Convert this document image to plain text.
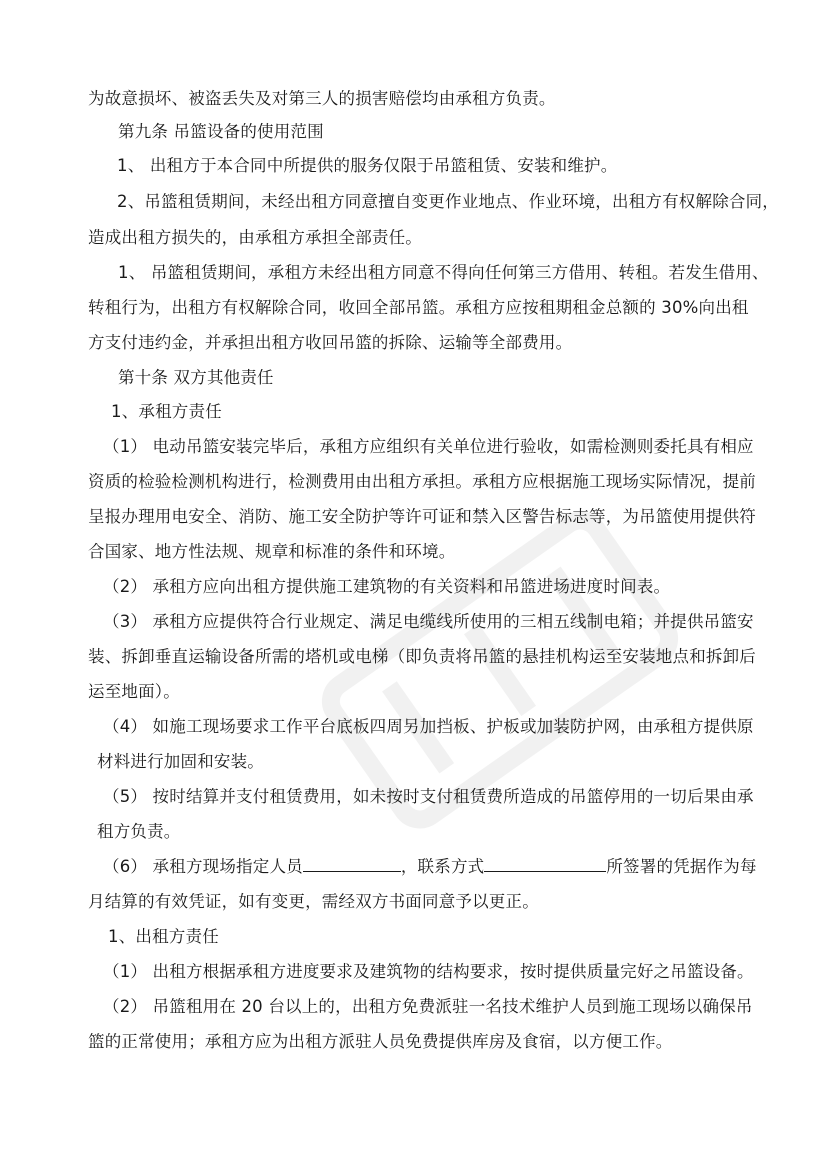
为故意损坏、被盗丢失及对第三人的损害赔偿均由承租方负责。
第九条 吊篮设备的使用范围
1、 出租方于本合同中所提供的服务仅限于吊篮租赁、安装和维护。
2、吊篮租赁期间，未经出租方同意擅自变更作业地点、作业环境，出租方有权解除合同，
造成出租方损失的，由承租方承担全部责任。
1、 吊篮租赁期间，承租方未经出租方同意不得向任何第三方借用、转租。若发生借用、
转租行为，出租方有权解除合同，收回全部吊篮。承租方应按租期租金总额的 30%向出租
方支付违约金，并承担出租方收回吊篮的拆除、运输等全部费用。
第十条 双方其他责任
1、承租方责任
（1） 电动吊篮安装完毕后，承租方应组织有关单位进行验收，如需检测则委托具有相应
资质的检验检测机构进行，检测费用由出租方承担。承租方应根据施工现场实际情况，提前
呈报办理用电安全、消防、施工安全防护等许可证和禁入区警告标志等，为吊篮使用提供符
合国家、地方性法规、规章和标准的条件和环境。
（2） 承租方应向出租方提供施工建筑物的有关资料和吊篮进场进度时间表。
（3） 承租方应提供符合行业规定、满足电缆线所使用的三相五线制电箱；并提供吊篮安
装、拆卸垂直运输设备所需的塔机或电梯（即负责将吊篮的悬挂机构运至安装地点和拆卸后
运至地面）。
（4） 如施工现场要求工作平台底板四周另加挡板、护板或加装防护网，由承租方提供原
材料进行加固和安装。
（5） 按时结算并支付租赁费用，如未按时支付租赁费所造成的吊篮停用的一切后果由承
租方负责。
（6） 承租方现场指定人员	，联系方式	所签署的凭据作为每
月结算的有效凭证，如有变更，需经双方书面同意予以更正。
1、出租方责任
（1） 出租方根据承租方进度要求及建筑物的结构要求，按时提供质量完好之吊篮设备。
（2） 吊篮租用在 20 台以上的，出租方免费派驻一名技术维护人员到施工现场以确保吊
篮的正常使用；承租方应为出租方派驻人员免费提供库房及食宿，以方便工作。
